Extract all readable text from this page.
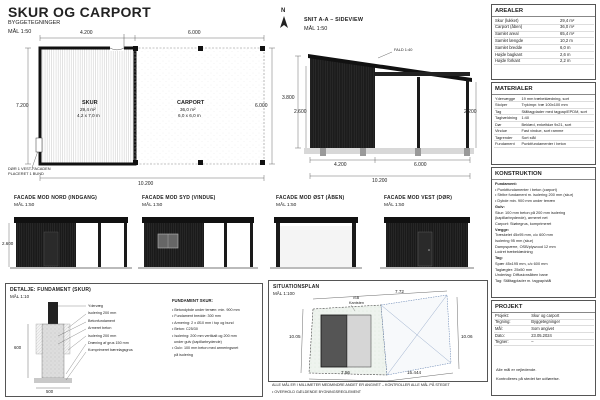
SKUR OG CARPORT
BYGGETEGNINGER
MÅL 1:50	4.200	6.000
7.200	6.000
10.200
SKUR
29,4 m²
4,2 x 7,0 m
CARPORT
36,0 m²
6,0 x 6,0 m
DØR 1 VEST-FACADEN
PLACERET 1 BUND
N
SNIT A-A – SIDEVIEW
MÅL 1:50
FALD 1:40
3.800
2.600	2.200
4.200	6.000
10.200
AREALER
Skur (lukket)	29,4 m²
Carport (åben)	36,0 m²
Samlet areal	65,4 m²
Samlet længde	10,2 m
Samlet bredde	6,0 m
Højde bagkant	2,6 m
Højde forkant	2,2 m
MATERIALER
Ydervægge	19 mm træbeklædning, sort
Stolper	Trykimpr. træ 100x100 mm
Tag	Ståltagplader med tagpap/EPDM, sort
Taghældning	1:40
Dør	Beklæd, enkeltdør 9x21, sort
Vindue	Fast vindue, sort ramme
Tagrender	Sort stål
Fundament	Punktfundamenter i beton
KONSTRUKTION
Fundament:
• Punktfundamenter i beton (carport)
• Stribe fundament m. isolering 200 mm (skur)
• Dybde min. 900 mm under terræn
Gulv:
Skur: 100 mm beton på 200 mm isolering
(kapillarbrydende), armeret net
Carport: Støbegrus, komprimeret
Vægge:
Træskelet 45x95 mm, c/c 600 mm
Isolering 95 mm (skur)
Dampspærre, OSB/plywood 12 mm
Lodret træbeklædning
Tag:
Spær 45x195 mm, c/c 600 mm
Taglægter: 25x50 mm
Undertag: Diffusionsåben bane
Tag: Ståltagplader m. tagpap/stål
FACADE MOD NORD (INDGANG)
MÅL 1:50
2.600
FACADE MOD SYD (VINDUE)
MÅL 1:50
FACADE MOD ØST (ÅBEN)
MÅL 1:50
FACADE MOD VEST (DØR)
MÅL 1:50
DETALJE: FUNDAMENT (SKUR)
MÅL 1:10
Ydervæg
Isolering 200 mm
Betonfundament
Armeret beton
Isolering 200 mm
Dræning af grus 150 mm
Komprimeret bærelagsgrus
FUNDAMENT SKUR:
• Betondybde under terræn: min. 900 mm
• Fundament bredde: 300 mm
• Armering: 2 x Ø10 mm i top og bund
• Beton: C25/30
• Isolering: 200 mm vertikalt og 200 mm
under gulv (kapillarbrydende)
• Gulv: 100 mm beton med armeringsnet
på isolering
600
500
SITUATIONSPLAN
MÅL 1:100	7.72
10.05	10.06
7.56	15.444
ISB
Kantsten
ALLE MÅL ER I MILLIMETER MEDMINDRE ANDET ER ANGIVET – KONTROLLER ALLE MÅL PÅ STEDET
• OVERHOLD GÆLDENDE BYGNINGSREGLEMENT
PROJEKT
Projekt:	Skur og carport
Tegning:	Byggetegninger
Mål:	Som angivet
Dato:	23.05.2024
Tegner:	–
Alle mål er vejledende.
Kontrolleres på stedet før udførelse.
